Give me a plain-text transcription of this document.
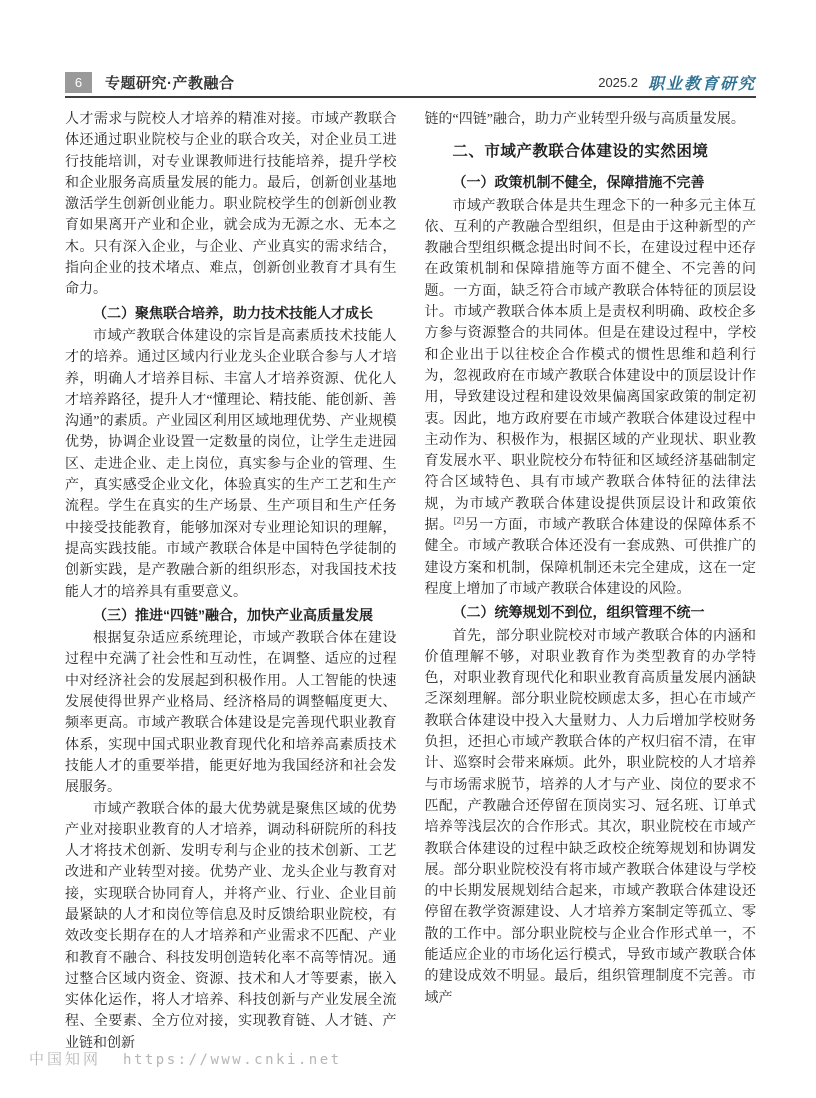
6	专题研究·产教融合	2025.2 职业教育研究

人才需求与院校人才培养的精准对接。市域产教联合体还通过职业院校与企业的联合攻关，对企业员工进行技能培训，对专业课教师进行技能培养，提升学校和企业服务高质量发展的能力。最后，创新创业基地激活学生创新创业能力。职业院校学生的创新创业教育如果离开产业和企业，就会成为无源之水、无本之木。只有深入企业，与企业、产业真实的需求结合，指向企业的技术堵点、难点，创新创业教育才具有生命力。

（二）聚焦联合培养，助力技术技能人才成长

市域产教联合体建设的宗旨是高素质技术技能人才的培养。通过区域内行业龙头企业联合参与人才培养，明确人才培养目标、丰富人才培养资源、优化人才培养路径，提升人才“懂理论、精技能、能创新、善沟通”的素质。产业园区利用区域地理优势、产业规模优势，协调企业设置一定数量的岗位，让学生走进园区、走进企业、走上岗位，真实参与企业的管理、生产，真实感受企业文化，体验真实的生产工艺和生产流程。学生在真实的生产场景、生产项目和生产任务中接受技能教育，能够加深对专业理论知识的理解，提高实践技能。市域产教联合体是中国特色学徒制的创新实践，是产教融合新的组织形态，对我国技术技能人才的培养具有重要意义。

（三）推进“四链”融合，加快产业高质量发展

根据复杂适应系统理论，市域产教联合体在建设过程中充满了社会性和互动性，在调整、适应的过程中对经济社会的发展起到积极作用。人工智能的快速发展使得世界产业格局、经济格局的调整幅度更大、频率更高。市域产教联合体建设是完善现代职业教育体系，实现中国式职业教育现代化和培养高素质技术技能人才的重要举措，能更好地为我国经济和社会发展服务。

市域产教联合体的最大优势就是聚焦区域的优势产业对接职业教育的人才培养，调动科研院所的科技人才将技术创新、发明专利与企业的技术创新、工艺改进和产业转型对接。优势产业、龙头企业与教育对接，实现联合协同育人，并将产业、行业、企业目前最紧缺的人才和岗位等信息及时反馈给职业院校，有效改变长期存在的人才培养和产业需求不匹配、产业和教育不融合、科技发明创造转化率不高等情况。通过整合区域内资金、资源、技术和人才等要素，嵌入实体化运作，将人才培养、科技创新与产业发展全流程、全要素、全方位对接，实现教育链、人才链、产业链和创新

链的“四链”融合，助力产业转型升级与高质量发展。

二、市域产教联合体建设的实然困境

（一）政策机制不健全，保障措施不完善

市域产教联合体是共生理念下的一种多元主体互依、互利的产教融合型组织，但是由于这种新型的产教融合型组织概念提出时间不长，在建设过程中还存在政策机制和保障措施等方面不健全、不完善的问题。一方面，缺乏符合市域产教联合体特征的顶层设计。市域产教联合体本质上是责权利明确、政校企多方参与资源整合的共同体。但是在建设过程中，学校和企业出于以往校企合作模式的惯性思维和趋利行为，忽视政府在市域产教联合体建设中的顶层设计作用，导致建设过程和建设效果偏离国家政策的制定初衷。因此，地方政府要在市域产教联合体建设过程中主动作为、积极作为，根据区域的产业现状、职业教育发展水平、职业院校分布特征和区域经济基础制定符合区域特色、具有市域产教联合体特征的法律法规，为市域产教联合体建设提供顶层设计和政策依据。[2]另一方面，市域产教联合体建设的保障体系不健全。市域产教联合体还没有一套成熟、可供推广的建设方案和机制，保障机制还未完全建成，这在一定程度上增加了市域产教联合体建设的风险。

（二）统筹规划不到位，组织管理不统一

首先，部分职业院校对市域产教联合体的内涵和价值理解不够，对职业教育作为类型教育的办学特色，对职业教育现代化和职业教育高质量发展内涵缺乏深刻理解。部分职业院校顾虑太多，担心在市域产教联合体建设中投入大量财力、人力后增加学校财务负担，还担心市域产教联合体的产权归宿不清，在审计、巡察时会带来麻烦。此外，职业院校的人才培养与市场需求脱节，培养的人才与产业、岗位的要求不匹配，产教融合还停留在顶岗实习、冠名班、订单式培养等浅层次的合作形式。其次，职业院校在市域产教联合体建设的过程中缺乏政校企统筹规划和协调发展。部分职业院校没有将市域产教联合体建设与学校的中长期发展规划结合起来，市域产教联合体建设还停留在教学资源建设、人才培养方案制定等孤立、零散的工作中。部分职业院校与企业合作形式单一，不能适应企业的市场化运行模式，导致市域产教联合体的建设成效不明显。最后，组织管理制度不完善。市域产

中国知网 https://www.cnki.net
